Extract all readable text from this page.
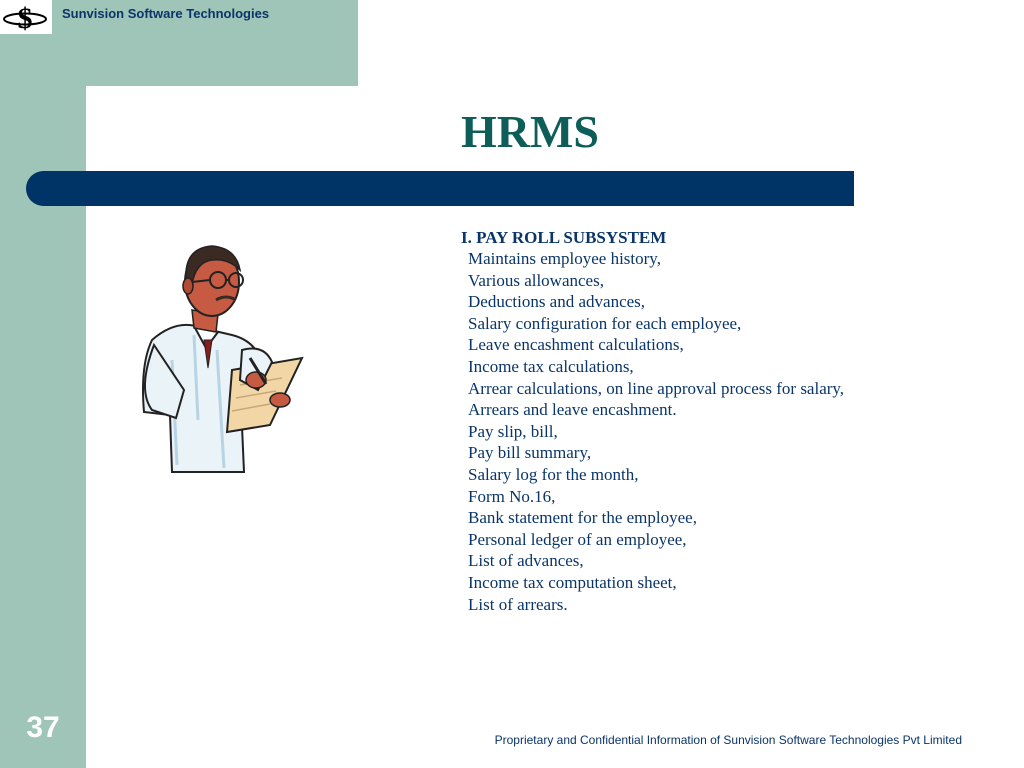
$ Sunvision Software Technologies
HRMS
I. PAY ROLL SUBSYSTEM
Maintains employee history,
Various allowances,
Deductions and advances,
Salary configuration for each employee,
Leave encashment calculations,
Income tax calculations,
Arrear calculations, on line approval process for salary,
Arrears and leave encashment.
Pay slip, bill,
Pay bill summary,
Salary log for the month,
Form No.16,
Bank statement for the employee,
Personal ledger of an employee,
List of advances,
Income tax computation sheet,
List of arrears.
37	Proprietary and Confidential Information of Sunvision Software Technologies Pvt Limited
